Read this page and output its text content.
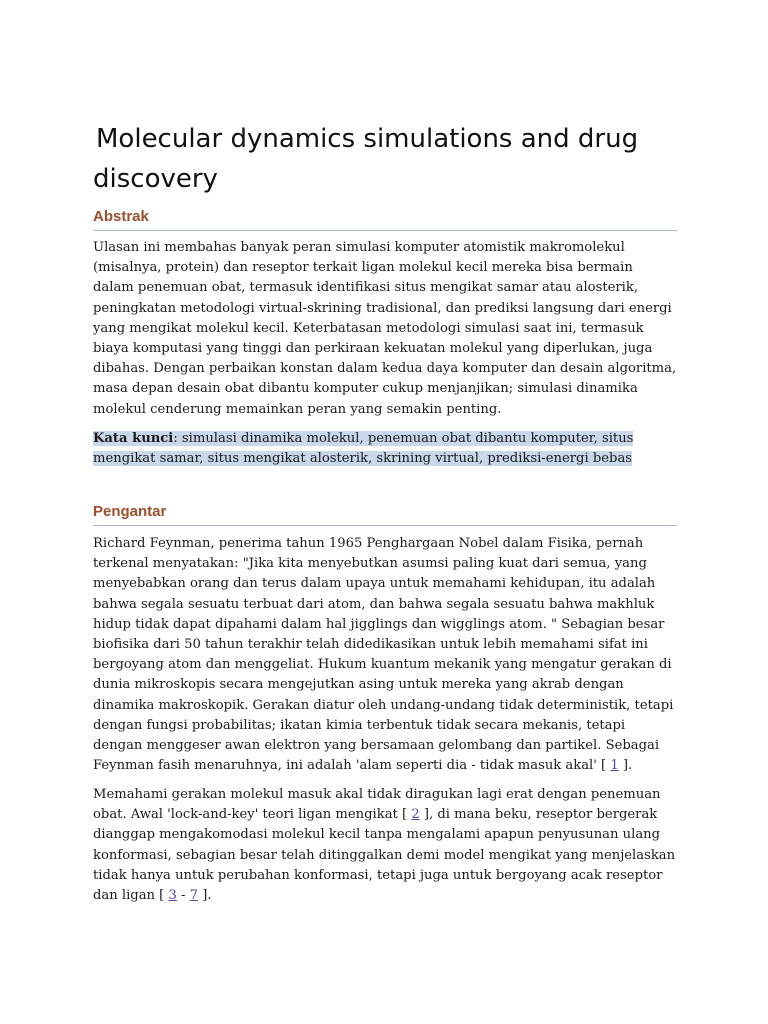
Molecular dynamics simulations and drug discovery
Abstrak

Ulasan ini membahas banyak peran simulasi komputer atomistik makromolekul (misalnya, protein) dan reseptor terkait ligan molekul kecil mereka bisa bermain dalam penemuan obat, termasuk identifikasi situs mengikat samar atau alosterik, peningkatan metodologi virtual-skrining tradisional, dan prediksi langsung dari energi yang mengikat molekul kecil. Keterbatasan metodologi simulasi saat ini, termasuk biaya komputasi yang tinggi dan perkiraan kekuatan molekul yang diperlukan, juga dibahas. Dengan perbaikan konstan dalam kedua daya komputer dan desain algoritma, masa depan desain obat dibantu komputer cukup menjanjikan; simulasi dinamika molekul cenderung memainkan peran yang semakin penting.

Kata kunci: simulasi dinamika molekul, penemuan obat dibantu komputer, situs mengikat samar, situs mengikat alosterik, skrining virtual, prediksi-energi bebas

Pengantar

Richard Feynman, penerima tahun 1965 Penghargaan Nobel dalam Fisika, pernah terkenal menyatakan: "Jika kita menyebutkan asumsi paling kuat dari semua, yang menyebabkan orang dan terus dalam upaya untuk memahami kehidupan, itu adalah bahwa segala sesuatu terbuat dari atom, dan bahwa segala sesuatu bahwa makhluk hidup tidak dapat dipahami dalam hal jigglings dan wigglings atom. " Sebagian besar biofisika dari 50 tahun terakhir telah didedikasikan untuk lebih memahami sifat ini bergoyang atom dan menggeliat. Hukum kuantum mekanik yang mengatur gerakan di dunia mikroskopis secara mengejutkan asing untuk mereka yang akrab dengan dinamika makroskopik. Gerakan diatur oleh undang-undang tidak deterministik, tetapi dengan fungsi probabilitas; ikatan kimia terbentuk tidak secara mekanis, tetapi dengan menggeser awan elektron yang bersamaan gelombang dan partikel. Sebagai Feynman fasih menaruhnya, ini adalah 'alam seperti dia - tidak masuk akal' [ 1 ].

Memahami gerakan molekul masuk akal tidak diragukan lagi erat dengan penemuan obat. Awal 'lock-and-key' teori ligan mengikat [ 2 ], di mana beku, reseptor bergerak dianggap mengakomodasi molekul kecil tanpa mengalami apapun penyusunan ulang konformasi, sebagian besar telah ditinggalkan demi model mengikat yang menjelaskan tidak hanya untuk perubahan konformasi, tetapi juga untuk bergoyang acak reseptor dan ligan [ 3 - 7 ].
